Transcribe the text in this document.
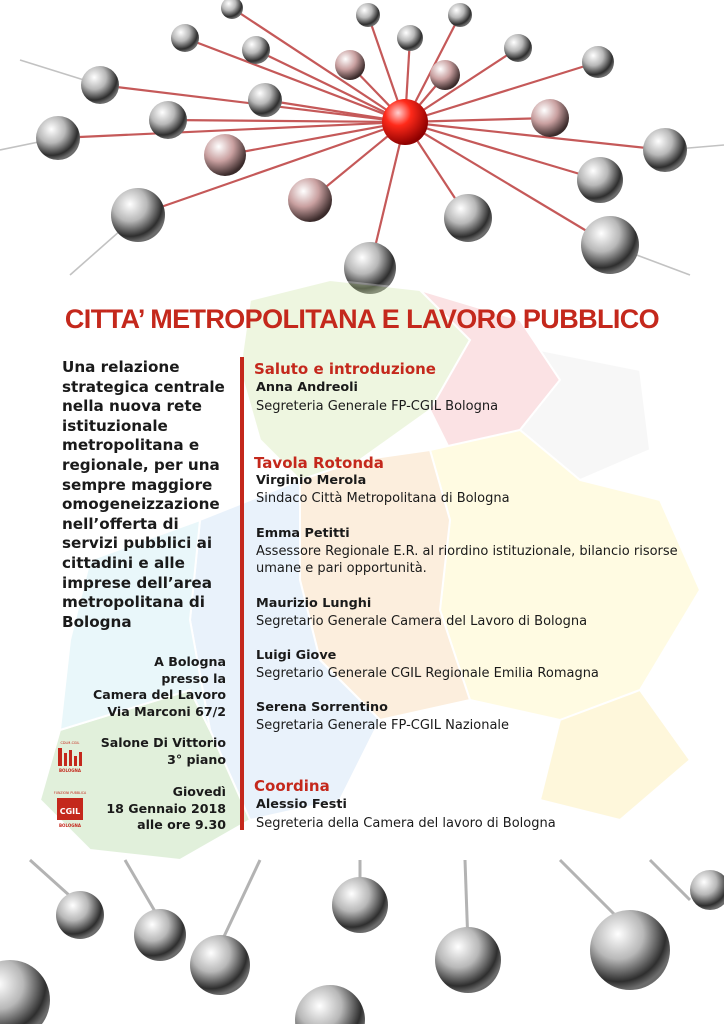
CITTA’ METROPOLITANA E LAVORO PUBBLICO
Una relazione strategica centrale nella nuova rete istituzionale metropolitana e regionale, per una sempre maggiore omogeneizzazione nell’offerta di servizi pubblici ai cittadini e alle imprese dell’area metropolitana di Bologna
A Bologna
presso la
Camera del Lavoro
Via Marconi 67/2
Salone Di Vittorio
3° piano
Giovedì
18 Gennaio 2018
alle ore 9.30
CDLM-CGIL
BOLOGNA
FUNZIONI PUBBLICA
CGIL
BOLOGNA
Saluto e introduzione
Anna Andreoli
Segreteria Generale FP-CGIL Bologna
Tavola Rotonda
Virginio Merola
Sindaco Città Metropolitana di Bologna
Emma Petitti
Assessore Regionale E.R. al riordino istituzionale, bilancio risorse umane e pari opportunità.
Maurizio Lunghi
Segretario Generale Camera del Lavoro di Bologna
Luigi Giove
Segretario Generale CGIL Regionale Emilia Romagna
Serena Sorrentino
Segretaria Generale FP-CGIL Nazionale
Coordina
Alessio Festi
Segreteria della Camera del lavoro di Bologna
